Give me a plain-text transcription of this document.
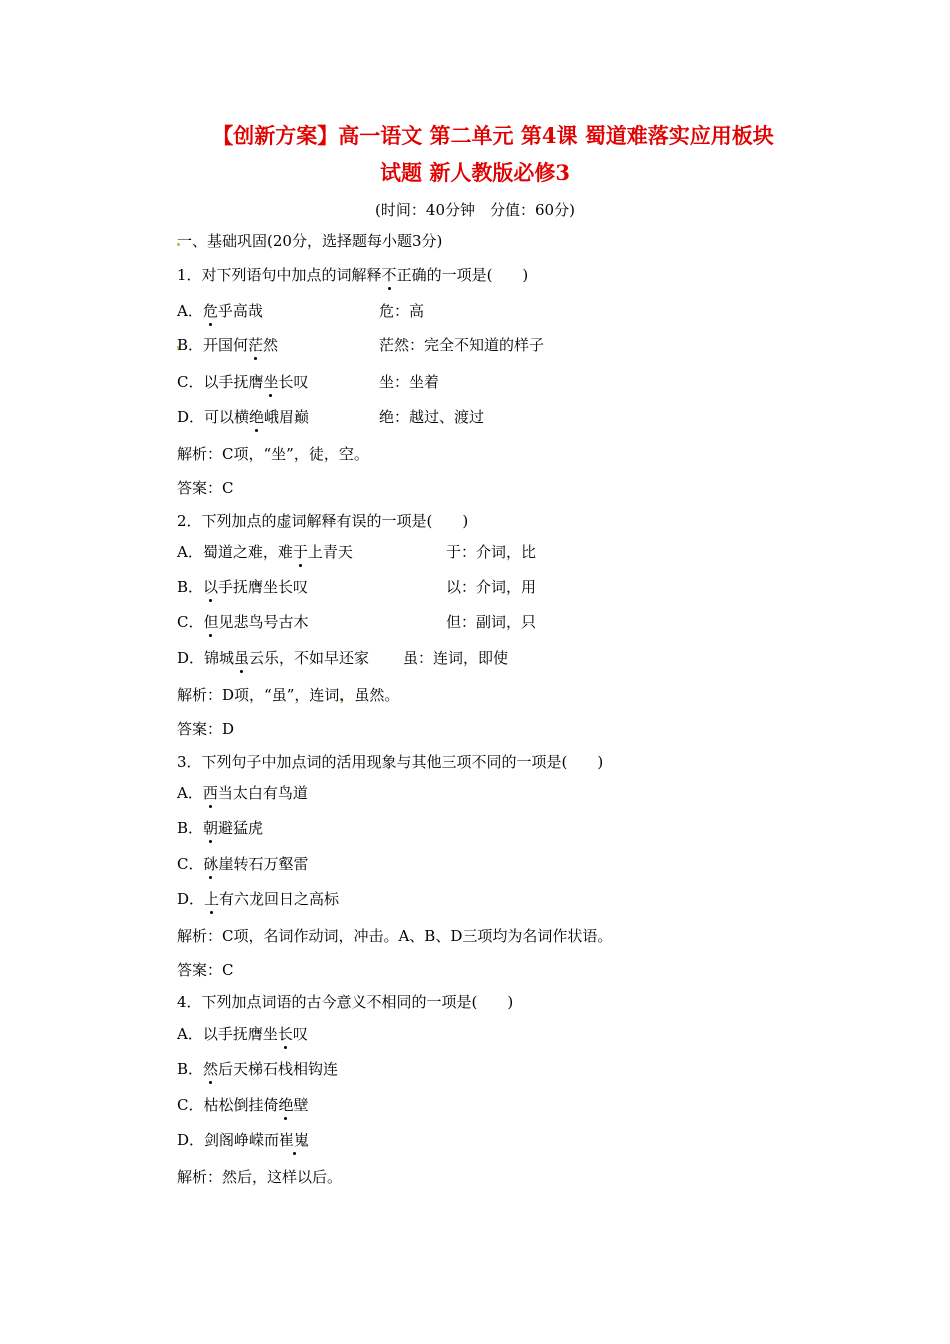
【创新方案】高一语文 第二单元 第4课 蜀道难落实应用板块
试题 新人教版必修3
(时间：40分钟　分值：60分)
一、基础巩固(20分，选择题每小题3分)
1．对下列语句中加点的词解释不正确的一项是(　　)
A．危乎高哉	危：高
B．开国何茫然	茫然：完全不知道的样子
C．以手抚膺坐长叹	坐：坐着
D．可以横绝峨眉巅	绝：越过、渡过
解析：C项，“坐”，徒，空。
答案：C
2．下列加点的虚词解释有误的一项是(　　)
A．蜀道之难，难于上青天	于：介词，比
B．以手抚膺坐长叹	以：介词，用
C．但见悲鸟号古木	但：副词，只
D．锦城虽云乐，不如早还家 虽：连词，即使
解析：D项，“虽”，连词，虽然。
答案：D
3．下列句子中加点词的活用现象与其他三项不同的一项是(　　)
A．西当太白有鸟道
B．朝避猛虎
C．砯崖转石万壑雷
D．上有六龙回日之高标
解析：C项，名词作动词，冲击。A、B、D三项均为名词作状语。
答案：C
4．下列加点词语的古今意义不相同的一项是(　　)
A．以手抚膺坐长叹
B．然后天梯石栈相钩连
C．枯松倒挂倚绝壁
D．剑阁峥嵘而崔嵬
解析：然后，这样以后。
